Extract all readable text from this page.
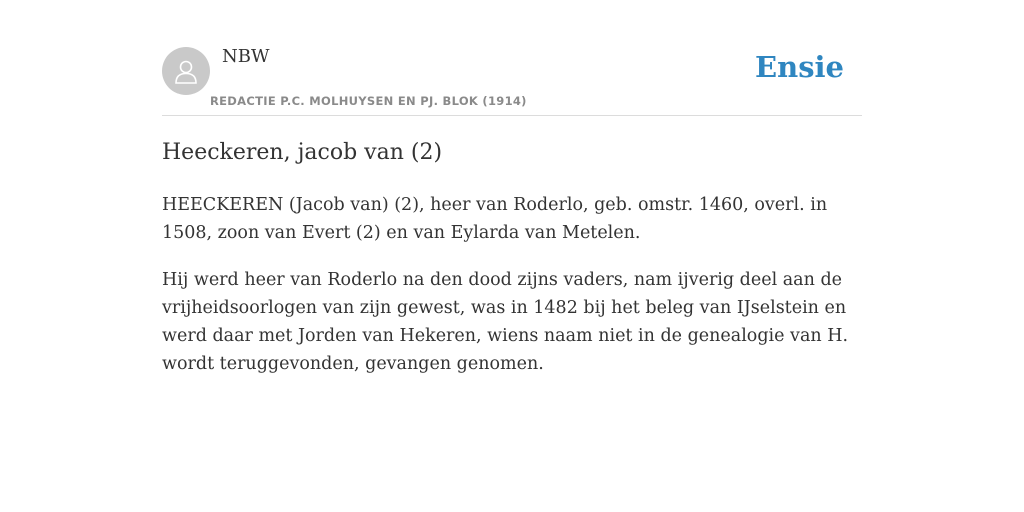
NBW
REDACTIE P.C. MOLHUYSEN EN PJ. BLOK (1914)
Ensie
Heeckeren, jacob van (2)

HEECKEREN (Jacob van) (2), heer van Roderlo, geb. omstr. 1460, overl. in 1508, zoon van Evert (2) en van Eylarda van Metelen.

Hij werd heer van Roderlo na den dood zijns vaders, nam ijverig deel aan de vrijheidsoorlogen van zijn gewest, was in 1482 bij het beleg van IJselstein en werd daar met Jorden van Hekeren, wiens naam niet in de genealogie van H. wordt teruggevonden, gevangen genomen.
